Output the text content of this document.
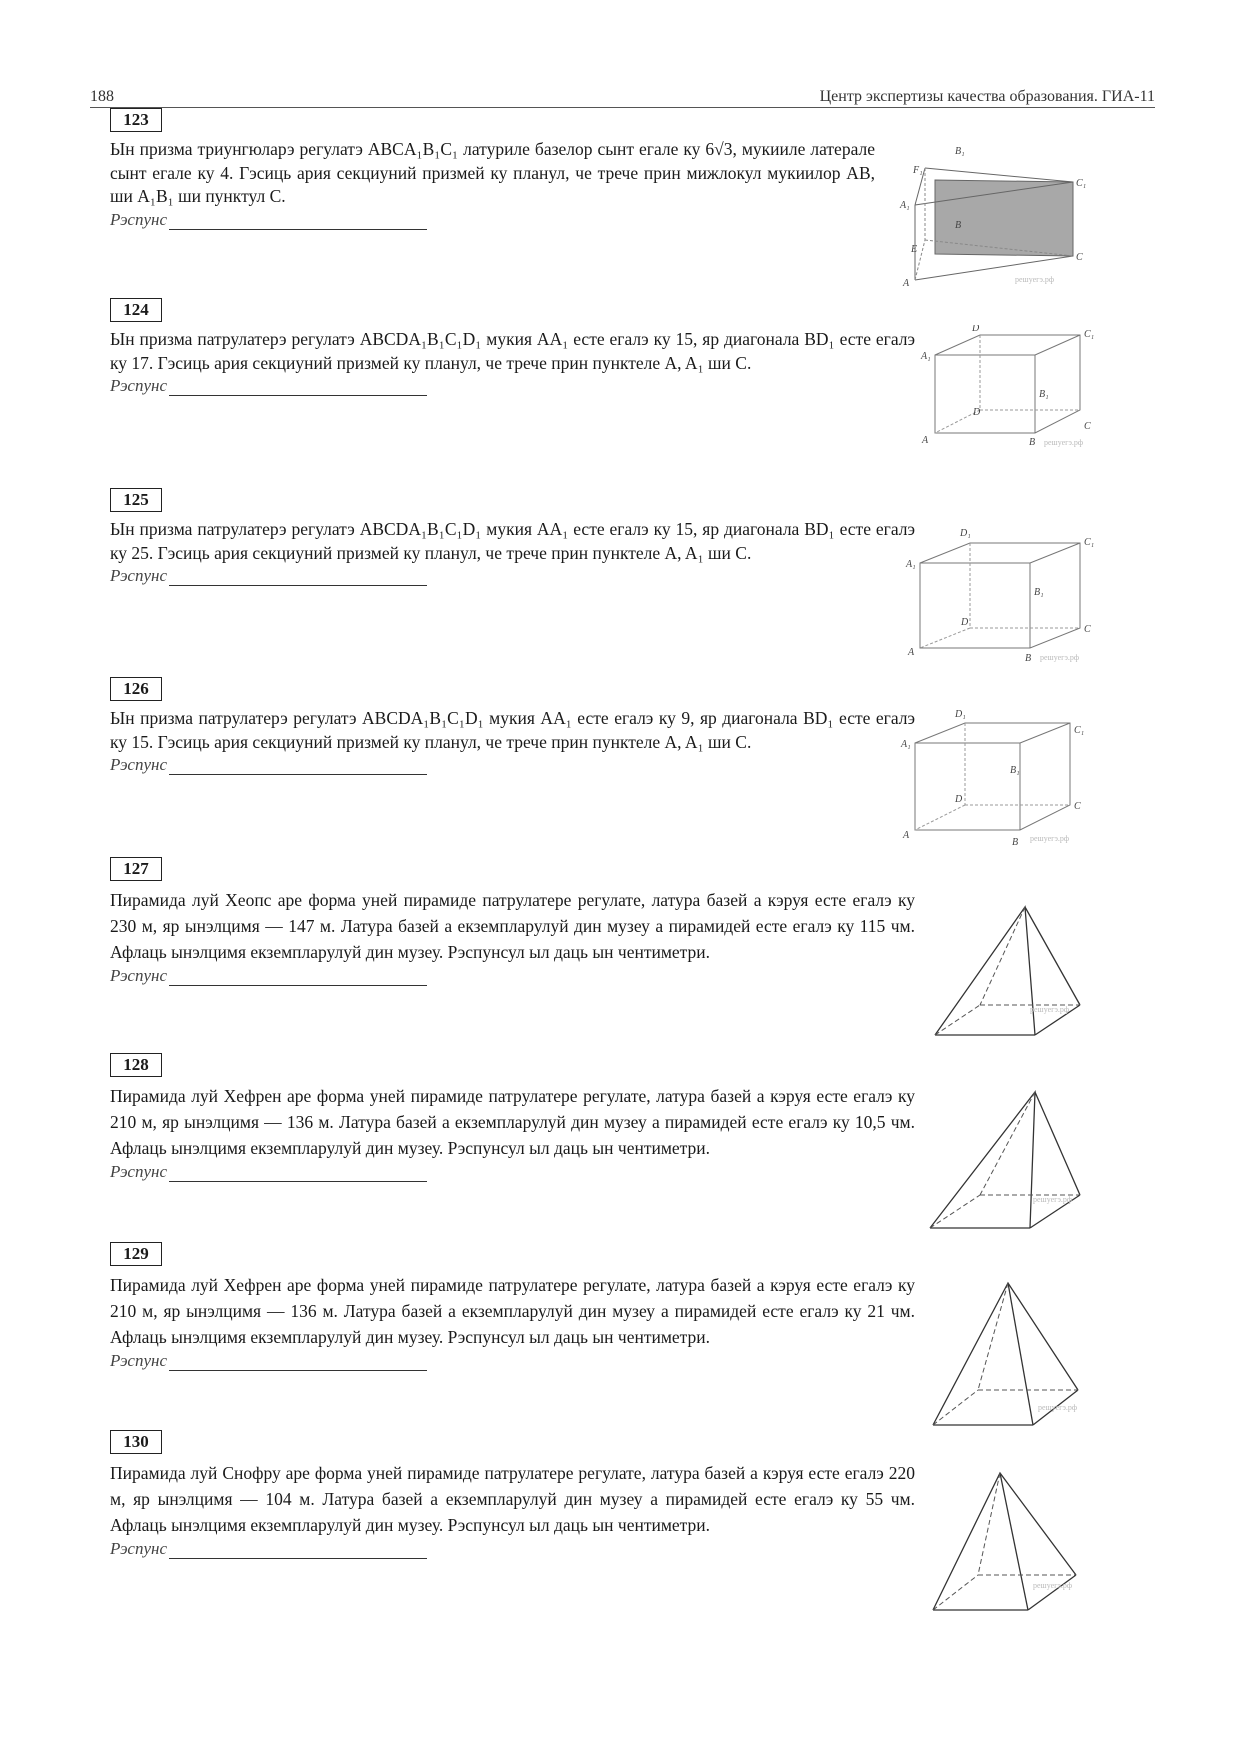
188	Центр экспертизы качества образования. ГИА-11
123
Ын призма триунгюларэ регулатэ ABCA₁B₁C₁ латуриле базелор сынт егале ку 6√3, мукииле латерале сынт егале ку 4. Гэсиць ария секциуний призмей ку планул, че трече прин мижлокул мукиилор AB, ши A₁B₁ ши пунктул C.
Рэспунс
B₁
F₁
C₁
A₁
B
E
C
A	решуегэ.рф
124
Ын призма патрулатерэ регулатэ ABCDA₁B₁C₁D₁ мукия AA₁ есте егалэ ку 15, яр диагонала BD₁ есте егалэ ку 17. Гэсиць ария секциуний призмей ку планул, че трече прин пунктеле A, A₁ ши C.
Рэспунс
D
C₁
A₁
B₁
D
C
A	B решуегэ.рф
125
Ын призма патрулатерэ регулатэ ABCDA₁B₁C₁D₁ мукия AA₁ есте егалэ ку 15, яр диагонала BD₁ есте егалэ ку 25. Гэсиць ария секциуний призмей ку планул, че трече прин пунктеле A, A₁ ши C.
Рэспунс
D₁
C₁
A₁
B₁
D
C
A
B решуегэ.рф
126
Ын призма патрулатерэ регулатэ ABCDA₁B₁C₁D₁ мукия AA₁ есте егалэ ку 9, яр диагонала BD₁ есте егалэ ку 15. Гэсиць ария секциуний призмей ку планул, че трече прин пунктеле A, A₁ ши C.
Рэспунс
D₁
C₁
A₁
B₁
D
C
A
B решуегэ.рф
127
Пирамида луй Хеопс аре форма уней пирамиде патрулатере регулате, латура базей а кэруя есте егалэ ку 230 м, яр ынэлцимя — 147 м. Латура базей а екземпларулуй дин музеу а пирамидей есте егалэ ку 115 чм. Афлаць ынэлцимя екземпларулуй дин музеу. Рэспунсул ыл даць ын чентиметри.
Рэспунс
решуегэ.рф
128
Пирамида луй Хефрен аре форма уней пирамиде патрулатере регулате, латура базей а кэруя есте егалэ ку 210 м, яр ынэлцимя — 136 м. Латура базей а екземпларулуй дин музеу а пирамидей есте егалэ ку 10,5 чм. Афлаць ынэлцимя екземпларулуй дин музеу. Рэспунсул ыл даць ын чентиметри.
Рэспунс
решуегэ.рф
129
Пирамида луй Хефрен аре форма уней пирамиде патрулатере регулате, латура базей а кэруя есте егалэ ку 210 м, яр ынэлцимя — 136 м. Латура базей а екземпларулуй дин музеу а пирамидей есте егалэ ку 21 чм. Афлаць ынэлцимя екземпларулуй дин музеу. Рэспунсул ыл даць ын чентиметри.
Рэспунс
решуегэ.рф
130
Пирамида луй Снофру аре форма уней пирамиде патрулатере регулате, латура базей а кэруя есте егалэ 220 м, яр ынэлцимя — 104 м. Латура базей а екземпларулуй дин музеу а пирамидей есте егалэ ку 55 чм. Афлаць ынэлцимя екземпларулуй дин музеу. Рэспунсул ыл даць ын чентиметри.
Рэспунс
решуегэ.рф
